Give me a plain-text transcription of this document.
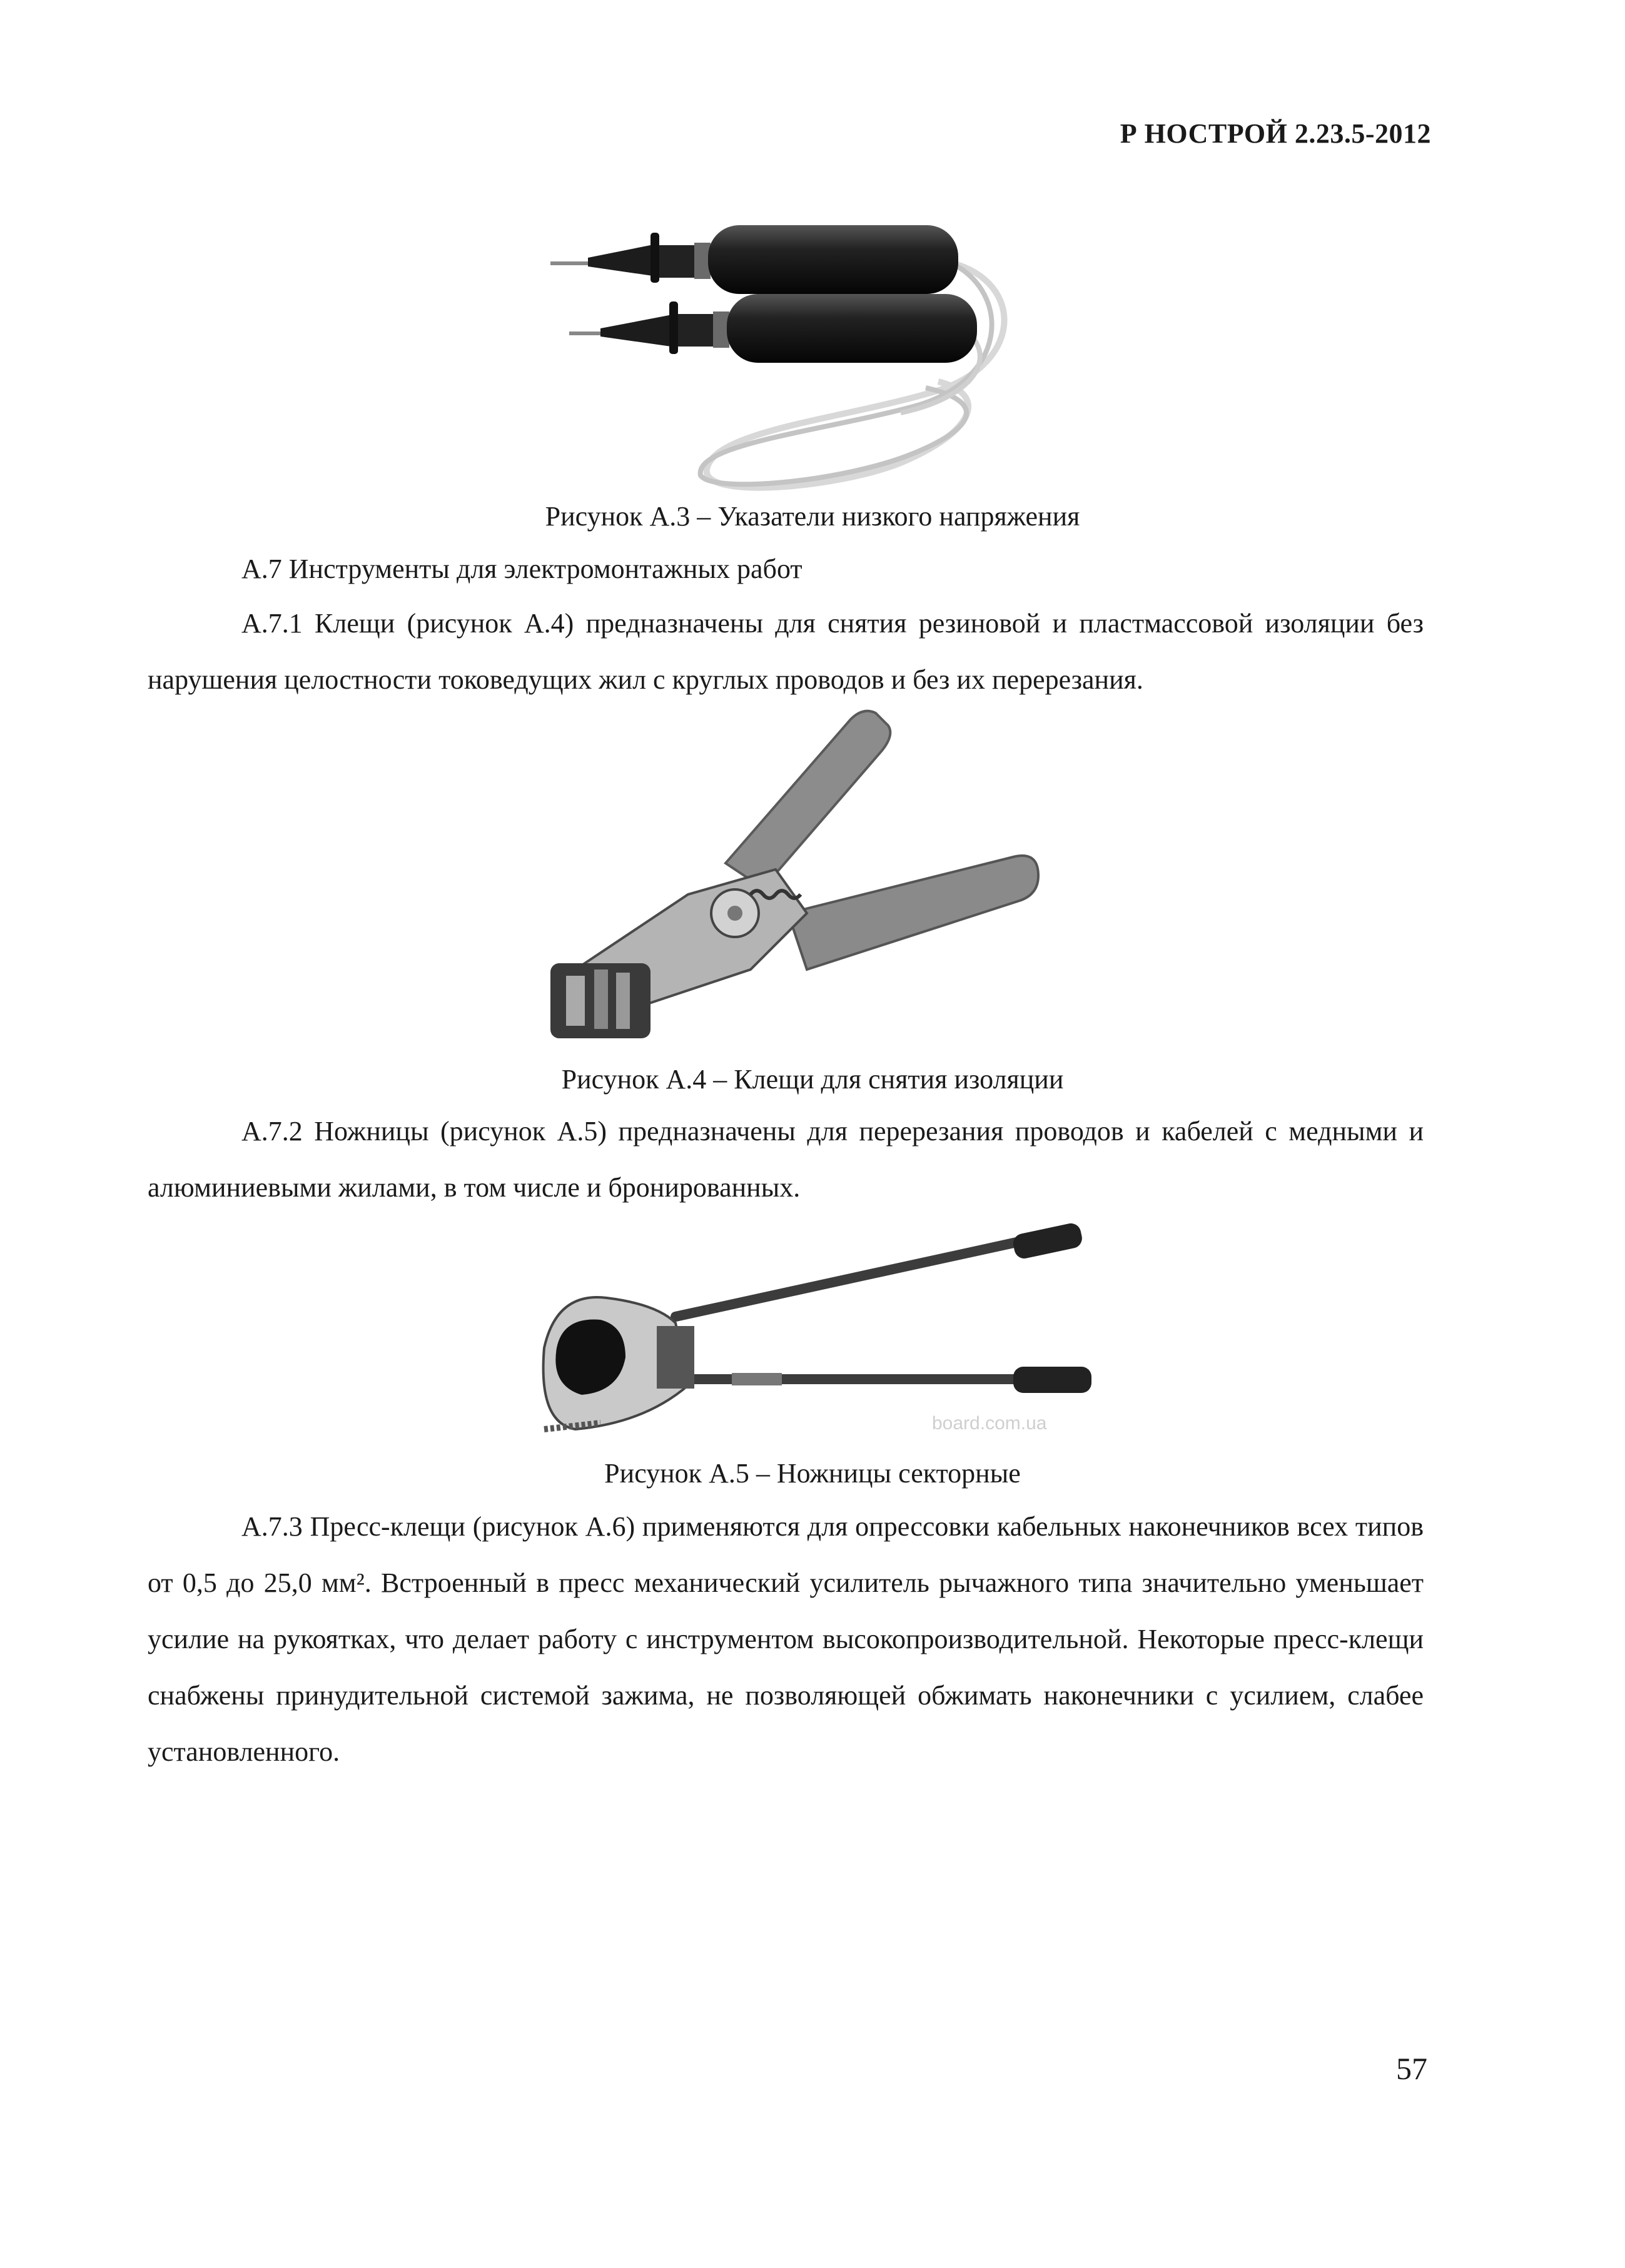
Р НОСТРОЙ 2.23.5-2012
Рисунок А.3 – Указатели низкого напряжения
А.7 Инструменты для электромонтажных работ

А.7.1 Клещи (рисунок А.4) предназначены для снятия резиновой и пластмассовой изоляции без нарушения целостности токоведущих жил с круглых проводов и без их перерезания.

Рисунок А.4 – Клещи для снятия изоляции

А.7.2 Ножницы (рисунок А.5) предназначены для перерезания проводов и кабелей с медными и алюминиевыми жилами, в том числе и бронированных.

board.com.ua
Рисунок А.5 – Ножницы секторные

А.7.3 Пресс-клещи (рисунок А.6) применяются для опрессовки кабельных наконечников всех типов от 0,5 до 25,0 мм². Встроенный в пресс механический усилитель рычажного типа значительно уменьшает усилие на рукоятках, что делает работу с инструментом высокопроизводительной. Некоторые пресс-клещи снабжены принудительной системой зажима, не позволяющей обжимать наконечники с усилием, слабее установленного.

57
